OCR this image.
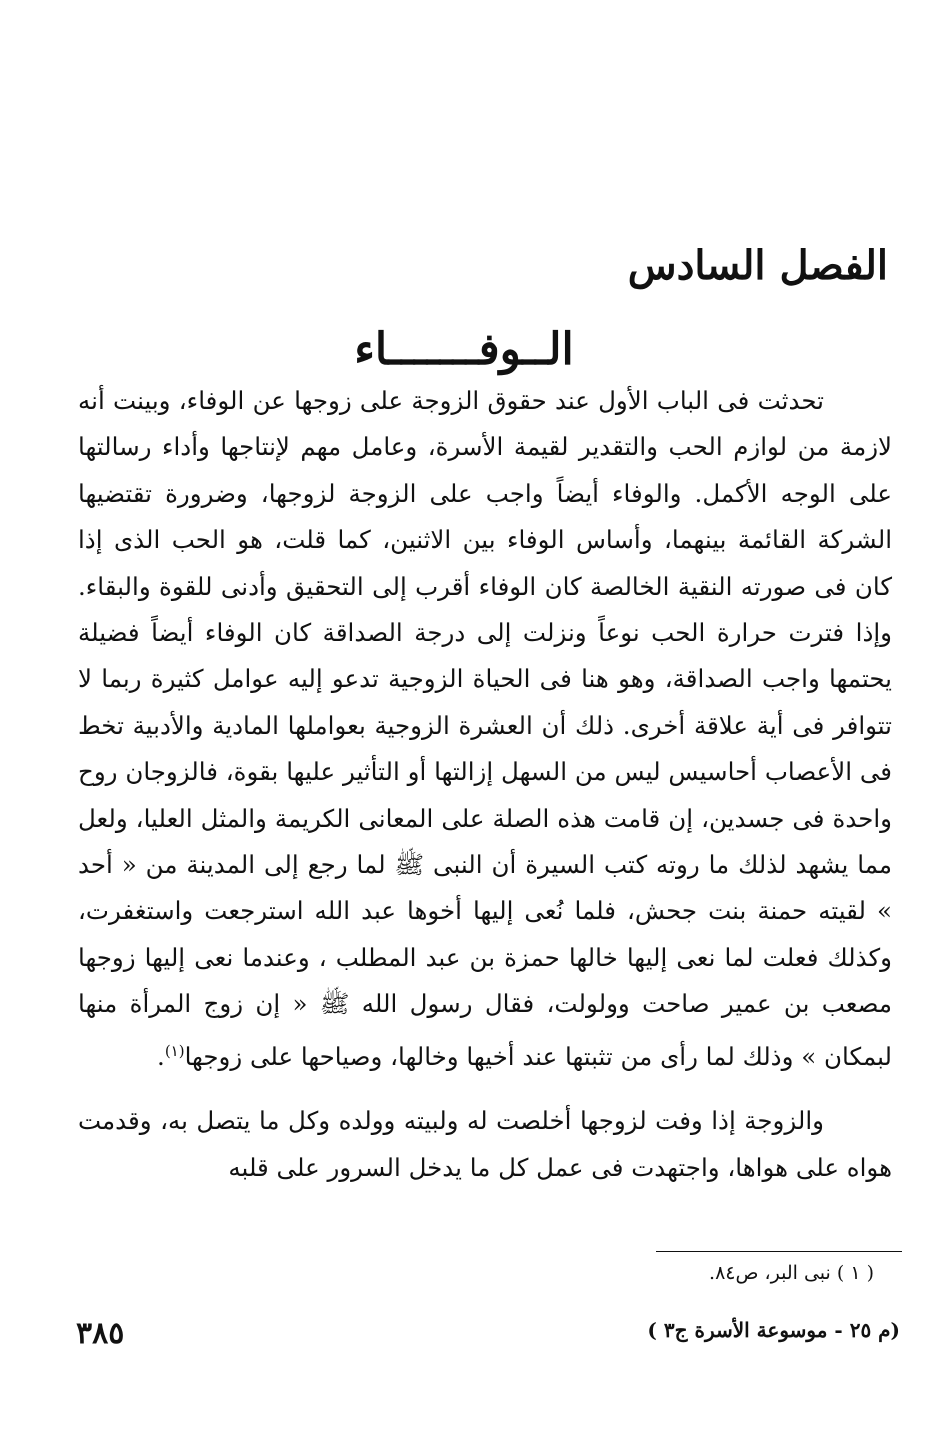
الفصل السادس
الــوفـــــــاء

تحدثت فى الباب الأول عند حقوق الزوجة على زوجها عن الوفاء، وبينت أنه لازمة من لوازم الحب والتقدير لقيمة الأسرة، وعامل مهم لإنتاجها وأداء رسالتها على الوجه الأكمل. والوفاء أيضاً واجب على الزوجة لزوجها، وضرورة تقتضيها الشركة القائمة بينهما، وأساس الوفاء بين الاثنين، كما قلت، هو الحب الذى إذا كان فى صورته النقية الخالصة كان الوفاء أقرب إلى التحقيق وأدنى للقوة والبقاء. وإذا فترت حرارة الحب نوعاً ونزلت إلى درجة الصداقة كان الوفاء أيضاً فضيلة يحتمها واجب الصداقة، وهو هنا فى الحياة الزوجية تدعو إليه عوامل كثيرة ربما لا تتوافر فى أية علاقة أخرى. ذلك أن العشرة الزوجية بعواملها المادية والأدبية تخط فى الأعصاب أحاسيس ليس من السهل إزالتها أو التأثير عليها بقوة، فالزوجان روح واحدة فى جسدين، إن قامت هذه الصلة على المعانى الكريمة والمثل العليا، ولعل مما يشهد لذلك ما روته كتب السيرة أن النبى ﷺ لما رجع إلى المدينة من « أحد » لقيته حمنة بنت جحش، فلما نُعى إليها أخوها عبد الله استرجعت واستغفرت، وكذلك فعلت لما نعى إليها خالها حمزة بن عبد المطلب ، وعندما نعى إليها زوجها مصعب بن عمير صاحت وولولت، فقال رسول الله ﷺ « إن زوج المرأة منها لبمكان » وذلك لما رأى من تثبتها عند أخيها وخالها، وصياحها على زوجها$^{(١)}$.

والزوجة إذا وفت لزوجها أخلصت له ولبيته وولده وكل ما يتصل به، وقدمت هواه على هواها، واجتهدت فى عمل كل ما يدخل السرور على قلبه

( ١ ) نبى البر، ص٨٤.

(م ٢٥ - موسوعة الأسرة ج٣ )

٣٨٥
